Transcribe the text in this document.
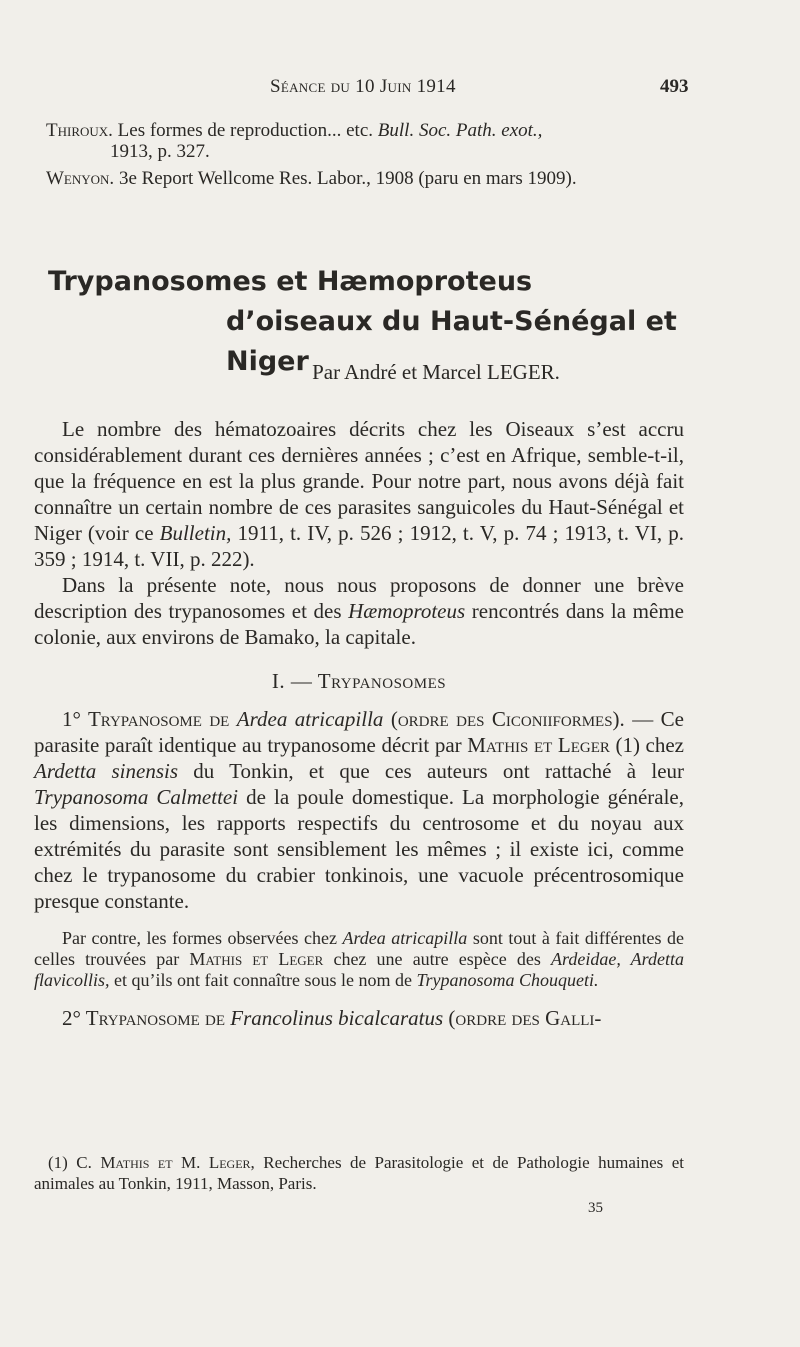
Séance du 10 Juin 1914	493

Thiroux. Les formes de reproduction... etc. Bull. Soc. Path. exot.,

1913, p. 327.

Wenyon. 3e Report Wellcome Res. Labor., 1908 (paru en mars 1909).

Trypanosomes et Hæmoproteus

d’oiseaux du Haut-Sénégal et Niger Par André et Marcel LEGER.

Le nombre des hématozoaires décrits chez les Oiseaux s’est accru considérablement durant ces dernières années ; c’est en Afrique, semble-t-il, que la fréquence en est la plus grande. Pour notre part, nous avons déjà fait connaître un certain nombre de ces parasites sanguicoles du Haut-Sénégal et Niger (voir ce Bulletin, 1911, t. IV, p. 526 ; 1912, t. V, p. 74 ; 1913, t. VI, p. 359 ; 1914, t. VII, p. 222).

Dans la présente note, nous nous proposons de donner une brève description des trypanosomes et des Hæmoproteus rencontrés dans la même colonie, aux environs de Bamako, la capitale.

I. — Trypanosomes

1° Trypanosome de Ardea atricapilla (ordre des Ciconiiformes). — Ce parasite paraît identique au trypanosome décrit par Mathis et Leger (1) chez Ardetta sinensis du Tonkin, et que ces auteurs ont rattaché à leur Trypanosoma Calmettei de la poule domestique. La morphologie générale, les dimensions, les rapports respectifs du centrosome et du noyau aux extrémités du parasite sont sensiblement les mêmes ; il existe ici, comme chez le trypanosome du crabier tonkinois, une vacuole précentrosomique presque constante.

Par contre, les formes observées chez Ardea atricapilla sont tout à fait différentes de celles trouvées par Mathis et Leger chez une autre espèce des Ardeidae, Ardetta flavicollis, et qu’ils ont fait connaître sous le nom de Trypanosoma Chouqueti.

2° Trypanosome de Francolinus bicalcaratus (ordre des Galli-

(1) C. Mathis et M. Leger, Recherches de Parasitologie et de Pathologie humaines et animales au Tonkin, 1911, Masson, Paris.

35
